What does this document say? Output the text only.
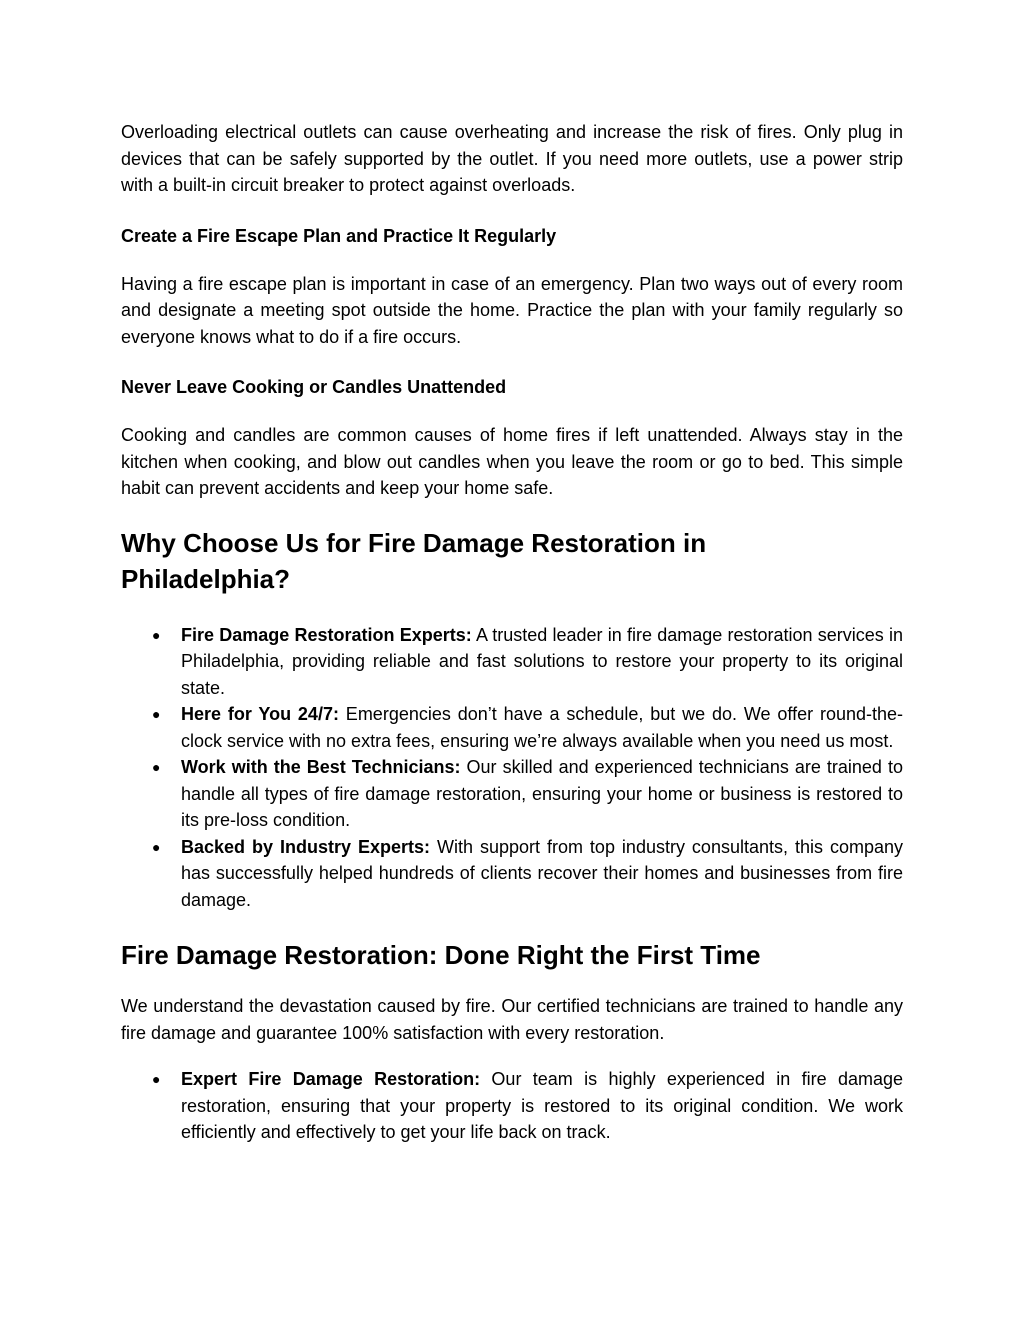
Overloading electrical outlets can cause overheating and increase the risk of fires. Only plug in devices that can be safely supported by the outlet. If you need more outlets, use a power strip with a built-in circuit breaker to protect against overloads.

Create a Fire Escape Plan and Practice It Regularly

Having a fire escape plan is important in case of an emergency. Plan two ways out of every room and designate a meeting spot outside the home. Practice the plan with your family regularly so everyone knows what to do if a fire occurs.

Never Leave Cooking or Candles Unattended

Cooking and candles are common causes of home fires if left unattended. Always stay in the kitchen when cooking, and blow out candles when you leave the room or go to bed. This simple habit can prevent accidents and keep your home safe.

Why Choose Us for Fire Damage Restoration in Philadelphia?
● Fire Damage Restoration Experts: A trusted leader in fire damage restoration services in Philadelphia, providing reliable and fast solutions to restore your property to its original state.
● Here for You 24/7: Emergencies don’t have a schedule, but we do. We offer round-the-clock service with no extra fees, ensuring we’re always available when you need us most.
● Work with the Best Technicians: Our skilled and experienced technicians are trained to handle all types of fire damage restoration, ensuring your home or business is restored to its pre-loss condition.
● Backed by Industry Experts: With support from top industry consultants, this company has successfully helped hundreds of clients recover their homes and businesses from fire damage.
Fire Damage Restoration: Done Right the First Time

We understand the devastation caused by fire. Our certified technicians are trained to handle any fire damage and guarantee 100% satisfaction with every restoration.

● Expert Fire Damage Restoration: Our team is highly experienced in fire damage restoration, ensuring that your property is restored to its original condition. We work efficiently and effectively to get your life back on track.
